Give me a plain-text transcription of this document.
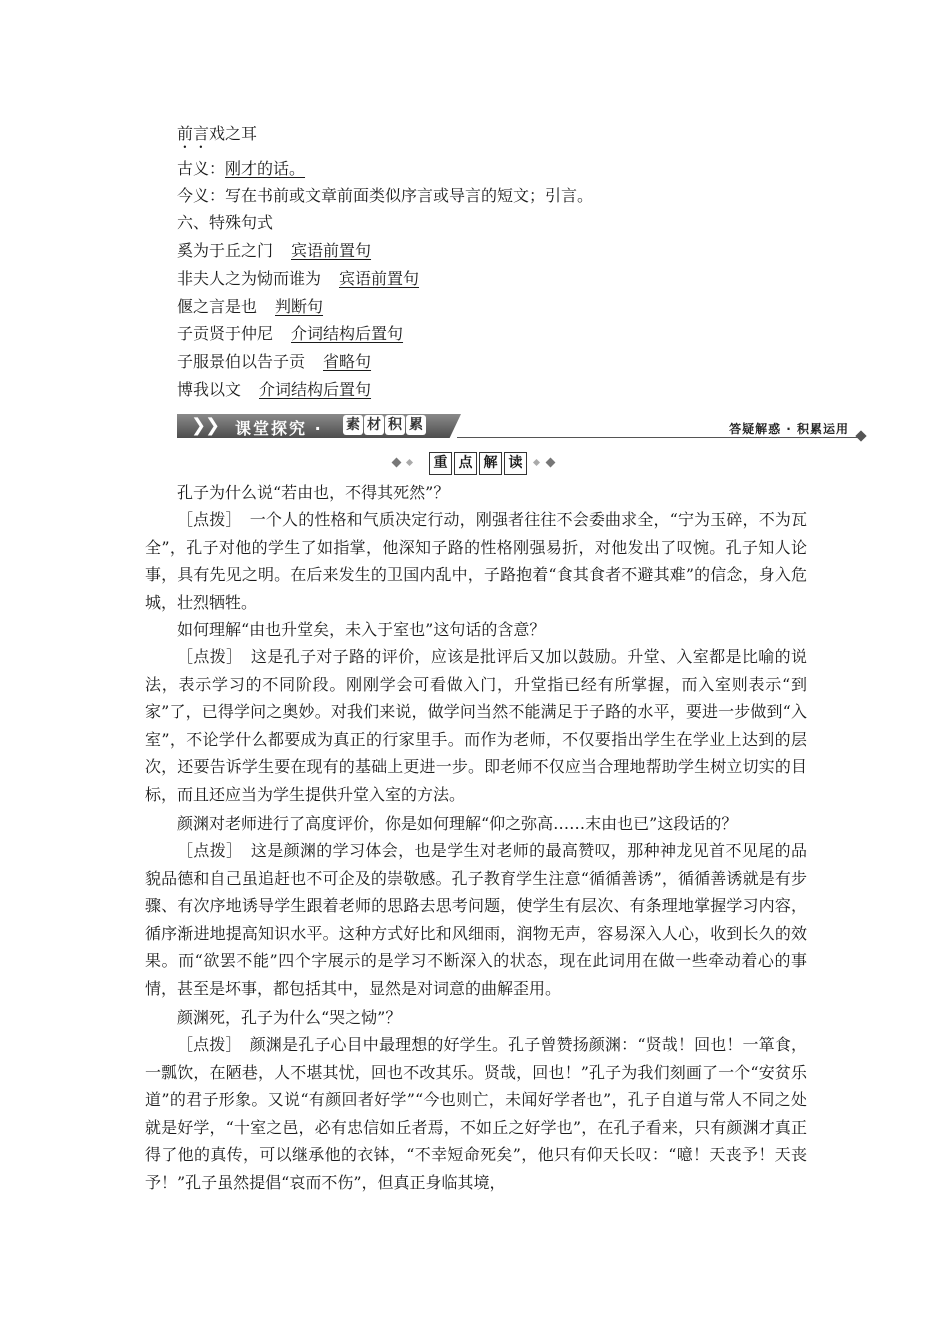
前言戏之耳
古义：刚才的话。
今义：写在书前或文章前面类似序言或导言的短文；引言。
六、特殊句式
奚为于丘之门 宾语前置句
非夫人之为恸而谁为 宾语前置句
偃之言是也 判断句
子贡贤于仲尼 介词结构后置句
子服景伯以告子贡 省略句
博我以文 介词结构后置句
❯
❯ 课堂探究 · 素 材 积 累	答疑解惑 · 积累运用
重 点 解 读
孔子为什么说“若由也，不得其死然”？
［点拨］　一个人的性格和气质决定行动，刚强者往往不会委曲求全，“宁为玉碎，不为瓦全”，孔子对他的学生了如指掌，他深知子路的性格刚强易折，对他发出了叹惋。孔子知人论事，具有先见之明。在后来发生的卫国内乱中，子路抱着“食其食者不避其难”的信念，身入危城，壮烈牺牲。
如何理解“由也升堂矣，未入于室也”这句话的含意？
［点拨］　这是孔子对子路的评价，应该是批评后又加以鼓励。升堂、入室都是比喻的说法，表示学习的不同阶段。刚刚学会可看做入门，升堂指已经有所掌握，而入室则表示“到家”了，已得学问之奥妙。对我们来说，做学问当然不能满足于子路的水平，要进一步做到“入室”，不论学什么都要成为真正的行家里手。而作为老师，不仅要指出学生在学业上达到的层次，还要告诉学生要在现有的基础上更进一步。即老师不仅应当合理地帮助学生树立切实的目标，而且还应当为学生提供升堂入室的方法。
颜渊对老师进行了高度评价，你是如何理解“仰之弥高……末由也已”这段话的？
［点拨］　这是颜渊的学习体会，也是学生对老师的最高赞叹，那种神龙见首不见尾的品貌品德和自己虽追赶也不可企及的崇敬感。孔子教育学生注意“循循善诱”，循循善诱就是有步骤、有次序地诱导学生跟着老师的思路去思考问题，使学生有层次、有条理地掌握学习内容，循序渐进地提高知识水平。这种方式好比和风细雨，润物无声，容易深入人心，收到长久的效果。而“欲罢不能”四个字展示的是学习不断深入的状态，现在此词用在做一些牵动着心的事情，甚至是坏事，都包括其中，显然是对词意的曲解歪用。
颜渊死，孔子为什么“哭之恸”？
［点拨］　颜渊是孔子心目中最理想的好学生。孔子曾赞扬颜渊：“贤哉！回也！一箪食，一瓢饮，在陋巷，人不堪其忧，回也不改其乐。贤哉，回也！”孔子为我们刻画了一个“安贫乐道”的君子形象。又说“有颜回者好学”“今也则亡，未闻好学者也”，孔子自道与常人不同之处就是好学，“十室之邑，必有忠信如丘者焉，不如丘之好学也”，在孔子看来，只有颜渊才真正得了他的真传，可以继承他的衣钵，“不幸短命死矣”，他只有仰天长叹：“噫！天丧予！天丧予！”孔子虽然提倡“哀而不伤”，但真正身临其境，
